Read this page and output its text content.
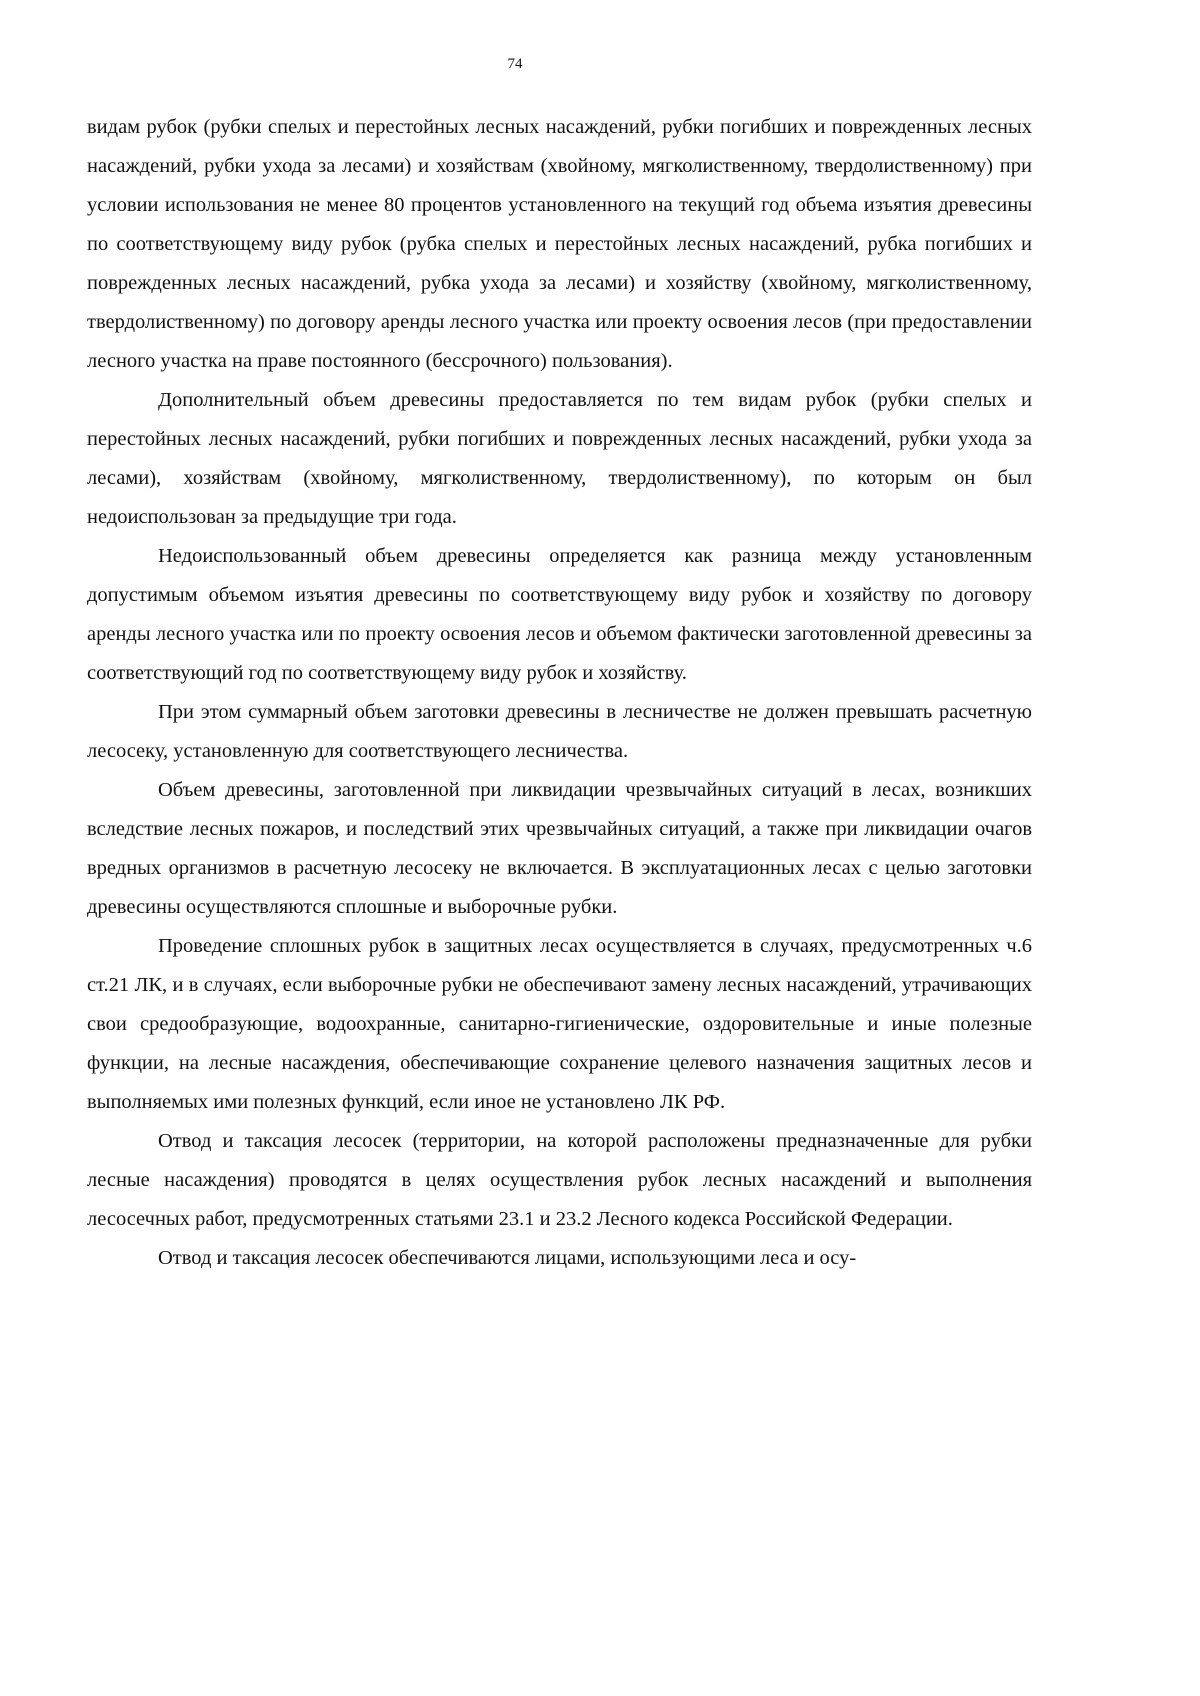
74

видам рубок (рубки спелых и перестойных лесных насаждений, рубки погибших и поврежденных лесных насаждений, рубки ухода за лесами) и хозяйствам (хвойному, мягколиственному, твердолиственному) при условии использования не менее 80 процентов установленного на текущий год объема изъятия древесины по соответствующему виду рубок (рубка спелых и перестойных лесных насаждений, рубка погибших и поврежденных лесных насаждений, рубка ухода за лесами) и хозяйству (хвойному, мягколиственному, твердолиственному) по договору аренды лесного участка или проекту освоения лесов (при предоставлении лесного участка на праве постоянного (бессрочного) пользования).

Дополнительный объем древесины предоставляется по тем видам рубок (рубки спелых и перестойных лесных насаждений, рубки погибших и поврежденных лесных насаждений, рубки ухода за лесами), хозяйствам (хвойному, мягколиственному, твердолиственному), по которым он был недоиспользован за предыдущие три года.

Недоиспользованный объем древесины определяется как разница между установленным допустимым объемом изъятия древесины по соответствующему виду рубок и хозяйству по договору аренды лесного участка или по проекту освоения лесов и объемом фактически заготовленной древесины за соответствующий год по соответствующему виду рубок и хозяйству.

При этом суммарный объем заготовки древесины в лесничестве не должен превышать расчетную лесосеку, установленную для соответствующего лесничества.

Объем древесины, заготовленной при ликвидации чрезвычайных ситуаций в лесах, возникших вследствие лесных пожаров, и последствий этих чрезвычайных ситуаций, а также при ликвидации очагов вредных организмов в расчетную лесосеку не включается. В эксплуатационных лесах с целью заготовки древесины осуществляются сплошные и выборочные рубки.

Проведение сплошных рубок в защитных лесах осуществляется в случаях, предусмотренных ч.6 ст.21 ЛК, и в случаях, если выборочные рубки не обеспечивают замену лесных насаждений, утрачивающих свои средообразующие, водоохранные, санитарно-гигиенические, оздоровительные и иные полезные функции, на лесные насаждения, обеспечивающие сохранение целевого назначения защитных лесов и выполняемых ими полезных функций, если иное не установлено ЛК РФ.

Отвод и таксация лесосек (территории, на которой расположены предназначенные для рубки лесные насаждения) проводятся в целях осуществления рубок лесных насаждений и выполнения лесосечных работ, предусмотренных статьями 23.1 и 23.2 Лесного кодекса Российской Федерации.

Отвод и таксация лесосек обеспечиваются лицами, использующими леса и осу-
